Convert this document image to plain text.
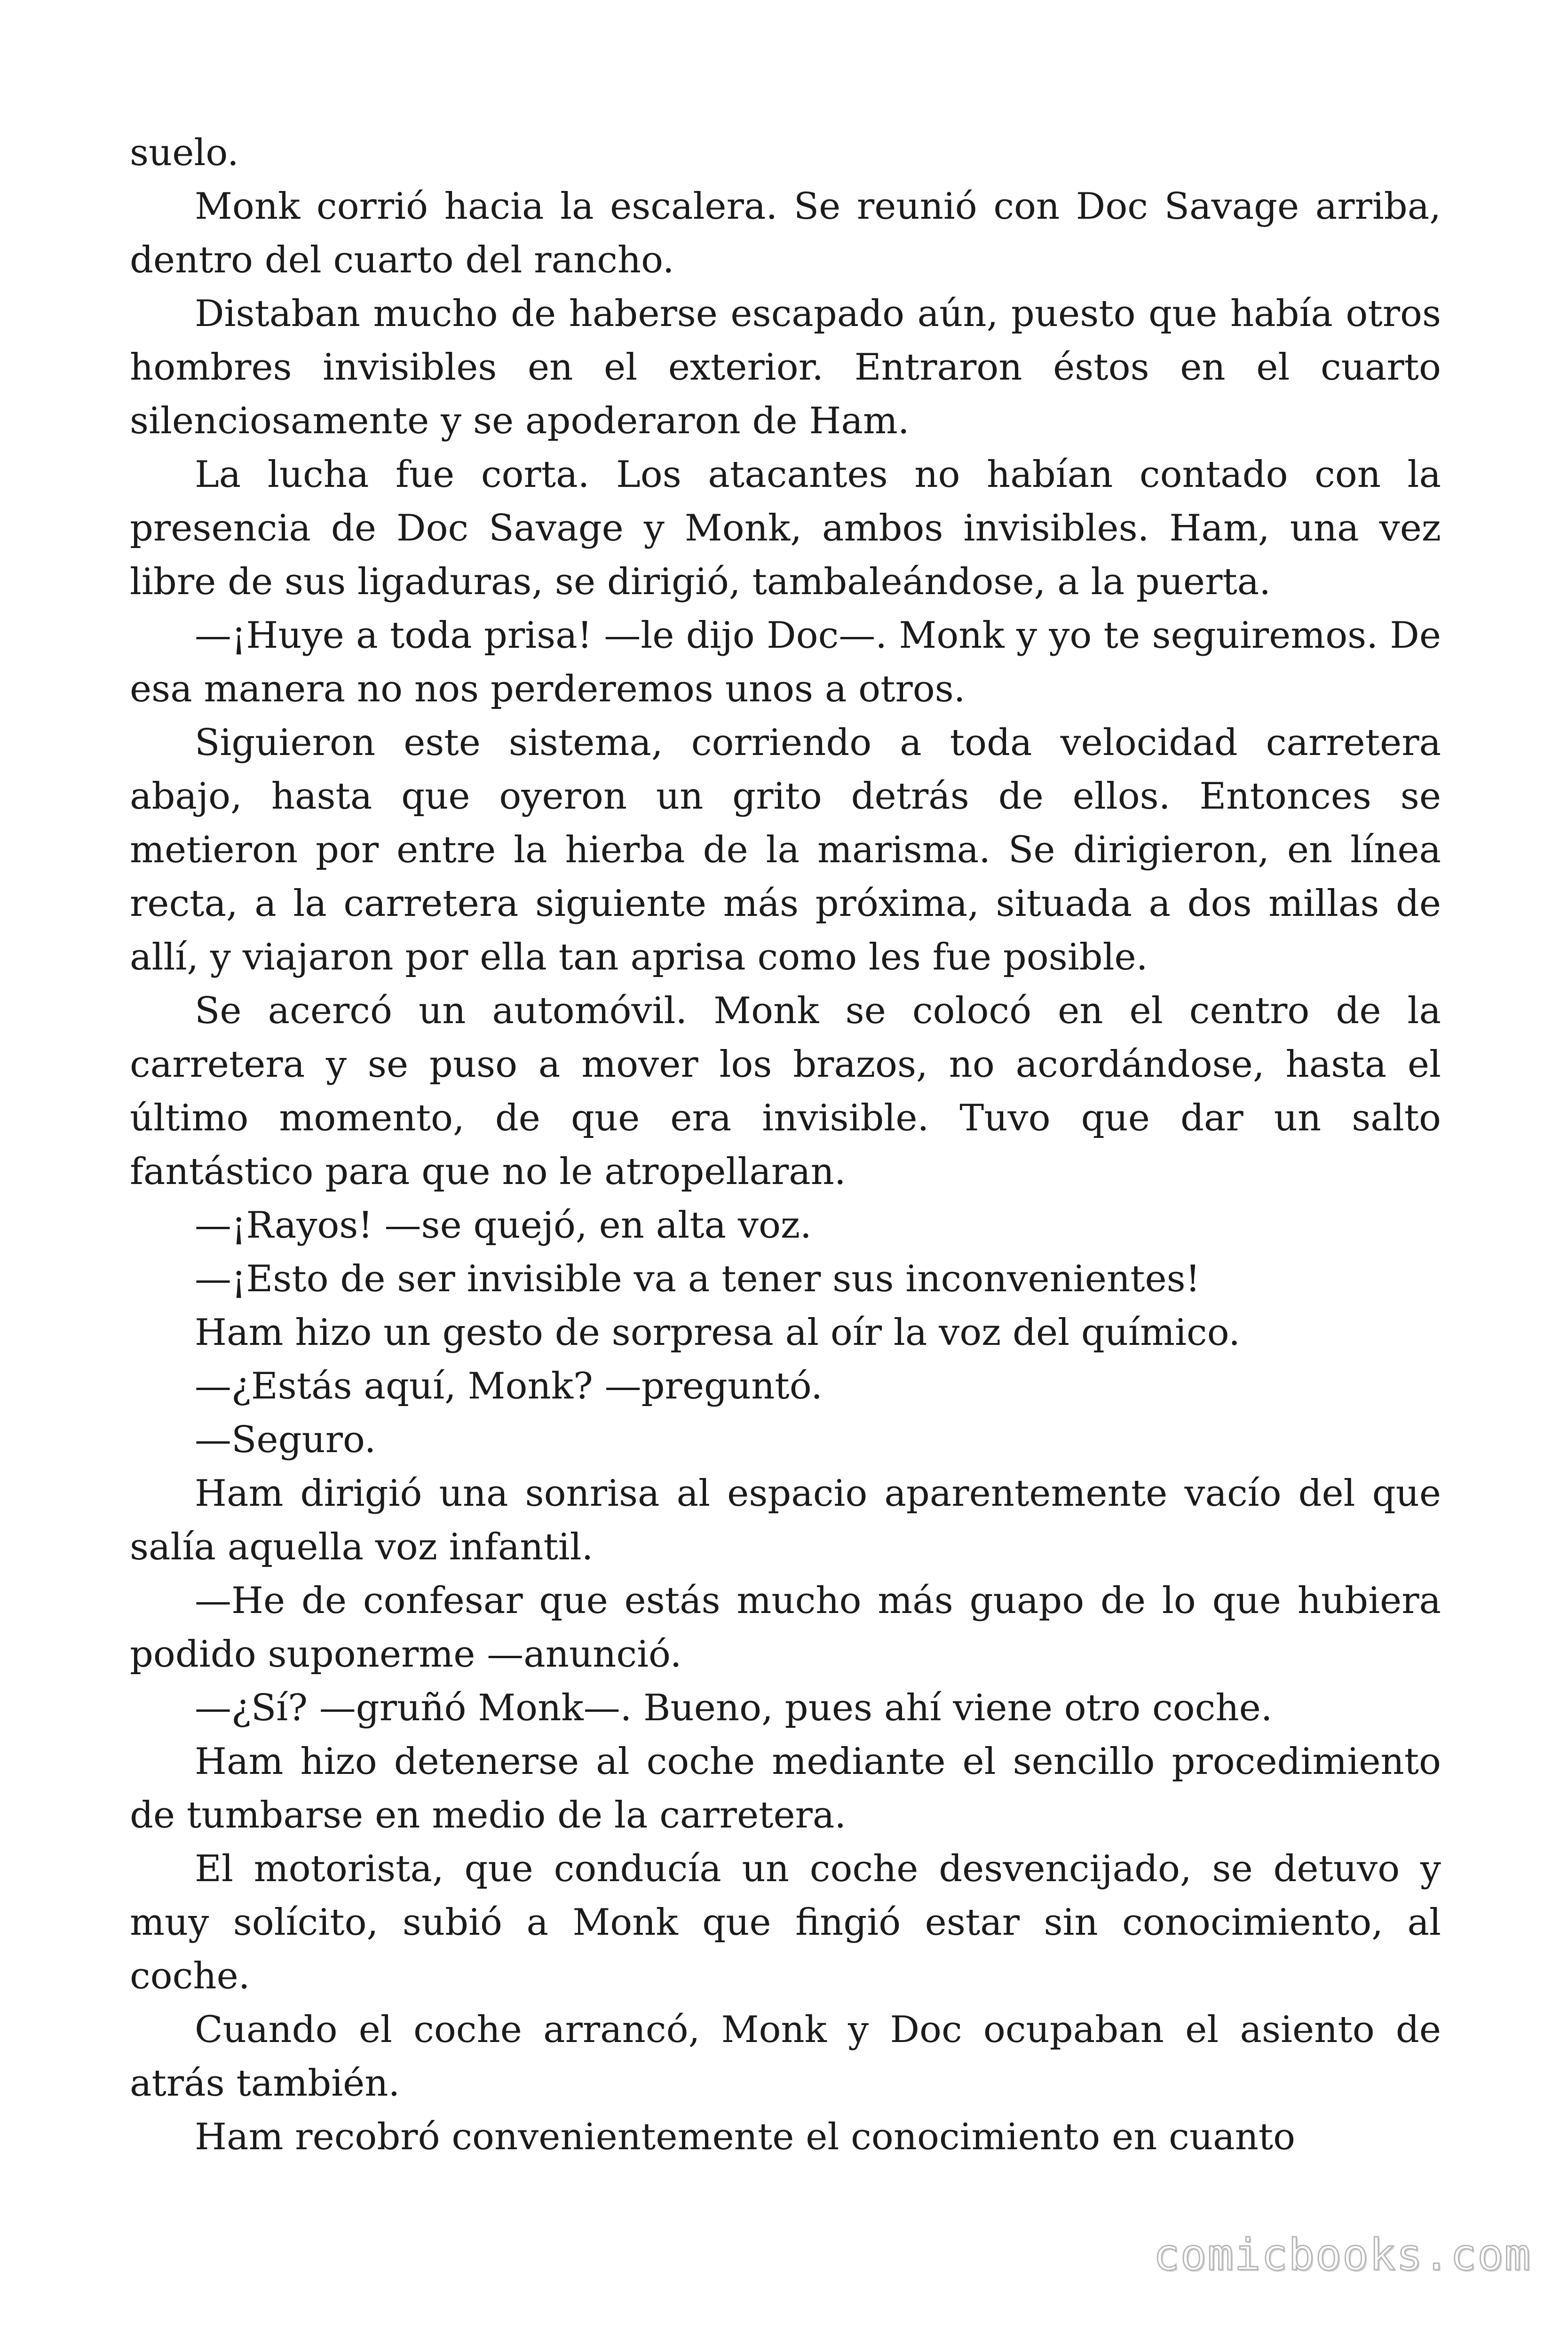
suelo.

Monk corrió hacia la escalera. Se reunió con Doc Savage arriba, dentro del cuarto del rancho.

Distaban mucho de haberse escapado aún, puesto que había otros hombres invisibles en el exterior. Entraron éstos en el cuarto silenciosamente y se apoderaron de Ham.

La lucha fue corta. Los atacantes no habían contado con la presencia de Doc Savage y Monk, ambos invisibles. Ham, una vez libre de sus ligaduras, se dirigió, tambaleándose, a la puerta.

—¡Huye a toda prisa! —le dijo Doc—. Monk y yo te seguiremos. De esa manera no nos perderemos unos a otros.

Siguieron este sistema, corriendo a toda velocidad carretera abajo, hasta que oyeron un grito detrás de ellos. Entonces se metieron por entre la hierba de la marisma. Se dirigieron, en línea recta, a la carretera siguiente más próxima, situada a dos millas de allí, y viajaron por ella tan aprisa como les fue posible.

Se acercó un automóvil. Monk se colocó en el centro de la carretera y se puso a mover los brazos, no acordándose, hasta el último momento, de que era invisible. Tuvo que dar un salto fantástico para que no le atropellaran.

—¡Rayos! —se quejó, en alta voz.

—¡Esto de ser invisible va a tener sus inconvenientes!

Ham hizo un gesto de sorpresa al oír la voz del químico.

—¿Estás aquí, Monk? —preguntó.

—Seguro.

Ham dirigió una sonrisa al espacio aparentemente vacío del que salía aquella voz infantil.

—He de confesar que estás mucho más guapo de lo que hubiera podido suponerme —anunció.

—¿Sí? —gruñó Monk—. Bueno, pues ahí viene otro coche.

Ham hizo detenerse al coche mediante el sencillo procedimiento de tumbarse en medio de la carretera.

El motorista, que conducía un coche desvencijado, se detuvo y muy solícito, subió a Monk que fingió estar sin conocimiento, al coche.

Cuando el coche arrancó, Monk y Doc ocupaban el asiento de atrás también.

Ham recobró convenientemente el conocimiento en cuanto

comicbooks.com
